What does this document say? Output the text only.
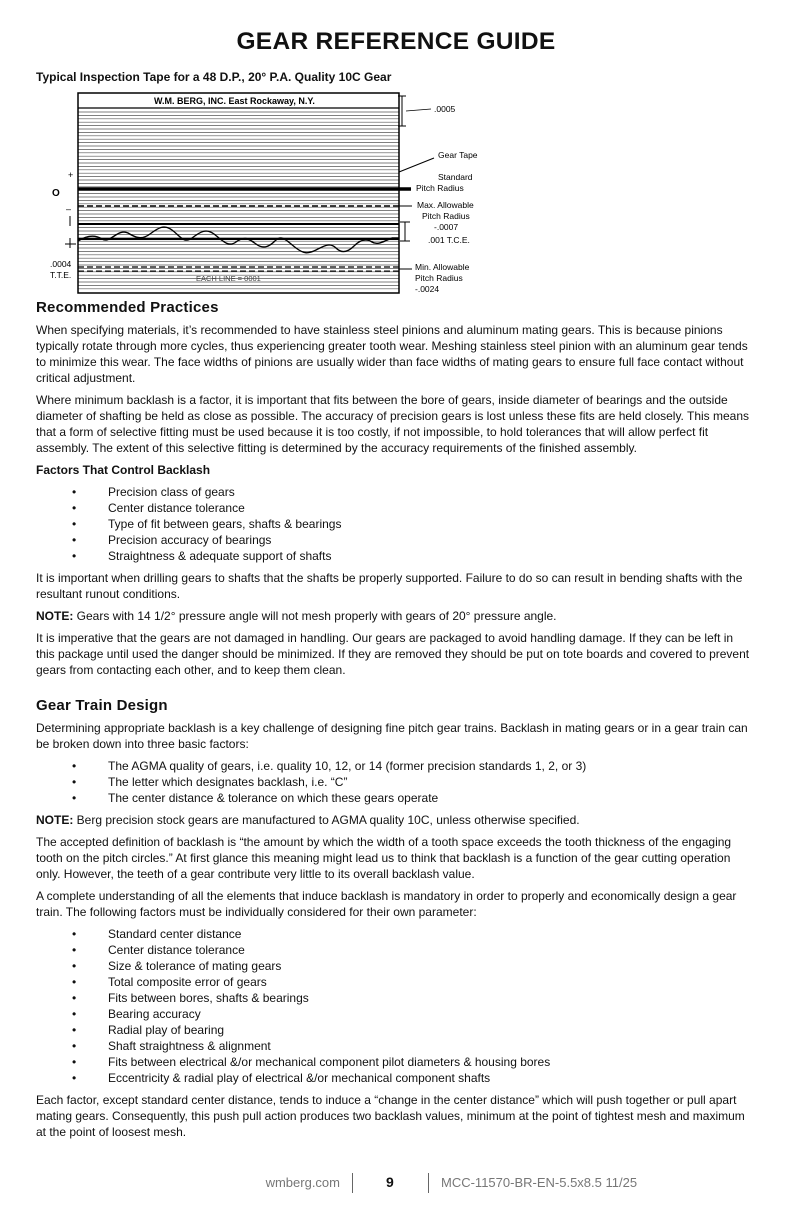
GEAR REFERENCE GUIDE

Typical Inspection Tape for a 48 D.P., 20° P.A. Quality 10C Gear

W.M. BERG, INC. East Rockaway, N.Y.
EACH LINE = 0001
.0005
Gear Tape
Standard
Pitch Radius
Max. Allowable
Pitch Radius
-.0007
.001 T.C.E.
Min. Allowable
Pitch Radius
-.0024
+
O
–
.0004
T.T.E.
Recommended Practices

When specifying materials, it’s recommended to have stainless steel pinions and aluminum mating gears. This is because pinions typically rotate through more cycles, thus experiencing greater tooth wear. Meshing stainless steel pinion with an aluminum gear tends to minimize this wear. The face widths of pinions are usually wider than face widths of mating gears to ensure full face contact without critical adjustment.

Where minimum backlash is a factor, it is important that fits between the bore of gears, inside diameter of bearings and the outside diameter of shafting be held as close as possible. The accuracy of precision gears is lost unless these fits are held closely. This means that a form of selective fitting must be used because it is too costly, if not impossible, to hold tolerances that will allow perfect fit assembly. The extent of this selective fitting is determined by the accuracy requirements of the finished assembly.

Factors That Control Backlash
•	Precision class of gears
•	Center distance tolerance
•	Type of fit between gears, shafts & bearings
•	Precision accuracy of bearings
•	Straightness & adequate support of shafts

It is important when drilling gears to shafts that the shafts be properly supported. Failure to do so can result in bending shafts with the resultant runout conditions.

NOTE: Gears with 14 1/2° pressure angle will not mesh properly with gears of 20° pressure angle.

It is imperative that the gears are not damaged in handling. Our gears are packaged to avoid handling damage. If they can be left in this package until used the danger should be minimized. If they are removed they should be put on tote boards and covered to prevent gears from contacting each other, and to keep them clean.

Gear Train Design

Determining appropriate backlash is a key challenge of designing fine pitch gear trains. Backlash in mating gears or in a gear train can be broken down into three basic factors:

•	The AGMA quality of gears, i.e. quality 10, 12, or 14 (former precision standards 1, 2, or 3)
•	The letter which designates backlash, i.e. “C”
•	The center distance & tolerance on which these gears operate

NOTE: Berg precision stock gears are manufactured to AGMA quality 10C, unless otherwise specified.

The accepted definition of backlash is “the amount by which the width of a tooth space exceeds the tooth thickness of the engaging tooth on the pitch circles.” At first glance this meaning might lead us to think that backlash is a function of the gear cutting operation only. However, the teeth of a gear contribute very little to its overall backlash value.

A complete understanding of all the elements that induce backlash is mandatory in order to properly and economically design a gear train. The following factors must be individually considered for their own parameter:

•	Standard center distance
•	Center distance tolerance
•	Size & tolerance of mating gears
•	Total composite error of gears
•	Fits between bores, shafts & bearings
•	Bearing accuracy
•	Radial play of bearing
•	Shaft straightness & alignment
•	Fits between electrical &/or mechanical component pilot diameters & housing bores
•	Eccentricity & radial play of electrical &/or mechanical component shafts

Each factor, except standard center distance, tends to induce a “change in the center distance” which will push together or pull apart mating gears. Consequently, this push pull action produces two backlash values, minimum at the point of tightest mesh and maximum at the point of loosest mesh.

wmberg.com	9	MCC-11570-BR-EN-5.5x8.5 11/25
